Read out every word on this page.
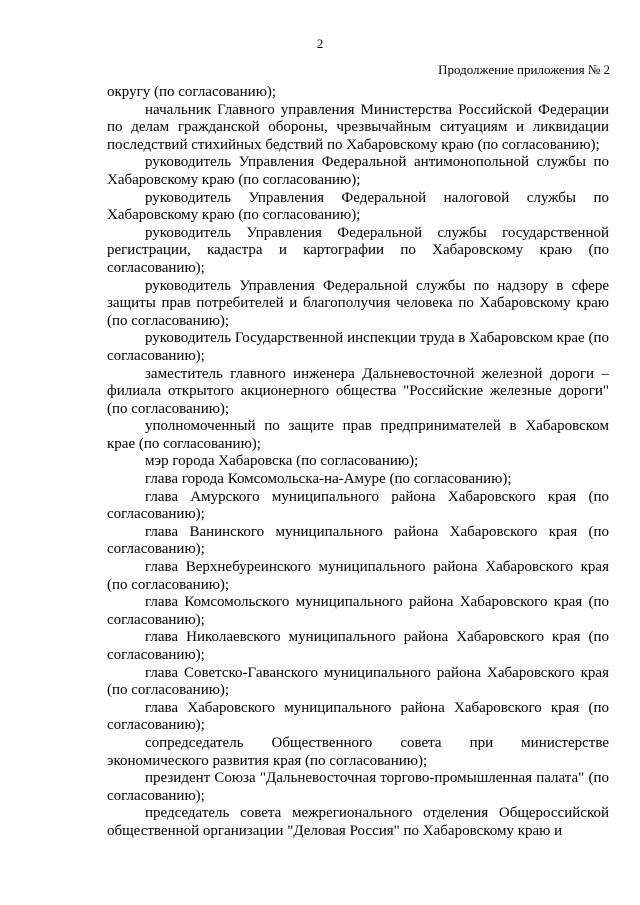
2
Продолжение приложения № 2

округу (по согласованию);

начальник Главного управления Министерства Российской Федерации по делам гражданской обороны, чрезвычайным ситуациям и ликвидации последствий стихийных бедствий по Хабаровскому краю (по согласованию);

руководитель Управления Федеральной антимонопольной службы по Хабаровскому краю (по согласованию);

руководитель Управления Федеральной налоговой службы по Хабаровскому краю (по согласованию);

руководитель Управления Федеральной службы государственной регистрации, кадастра и картографии по Хабаровскому краю (по согласованию);

руководитель Управления Федеральной службы по надзору в сфере защиты прав потребителей и благополучия человека по Хабаровскому краю (по согласованию);

руководитель Государственной инспекции труда в Хабаровском крае (по согласованию);

заместитель главного инженера Дальневосточной железной дороги – филиала открытого акционерного общества "Российские железные дороги" (по согласованию);

уполномоченный по защите прав предпринимателей в Хабаровском крае (по согласованию);

мэр города Хабаровска (по согласованию);

глава города Комсомольска-на-Амуре (по согласованию);

глава Амурского муниципального района Хабаровского края (по согласованию);

глава Ванинского муниципального района Хабаровского края (по согласованию);

глава Верхнебуреинского муниципального района Хабаровского края (по согласованию);

глава Комсомольского муниципального района Хабаровского края (по согласованию);

глава Николаевского муниципального района Хабаровского края (по согласованию);

глава Советско-Гаванского муниципального района Хабаровского края (по согласованию);

глава Хабаровского муниципального района Хабаровского края (по согласованию);

сопредседатель Общественного совета при министерстве экономического развития края (по согласованию);

президент Союза "Дальневосточная торгово-промышленная палата" (по согласованию);

председатель совета межрегионального отделения Общероссийской общественной организации "Деловая Россия" по Хабаровскому краю и
